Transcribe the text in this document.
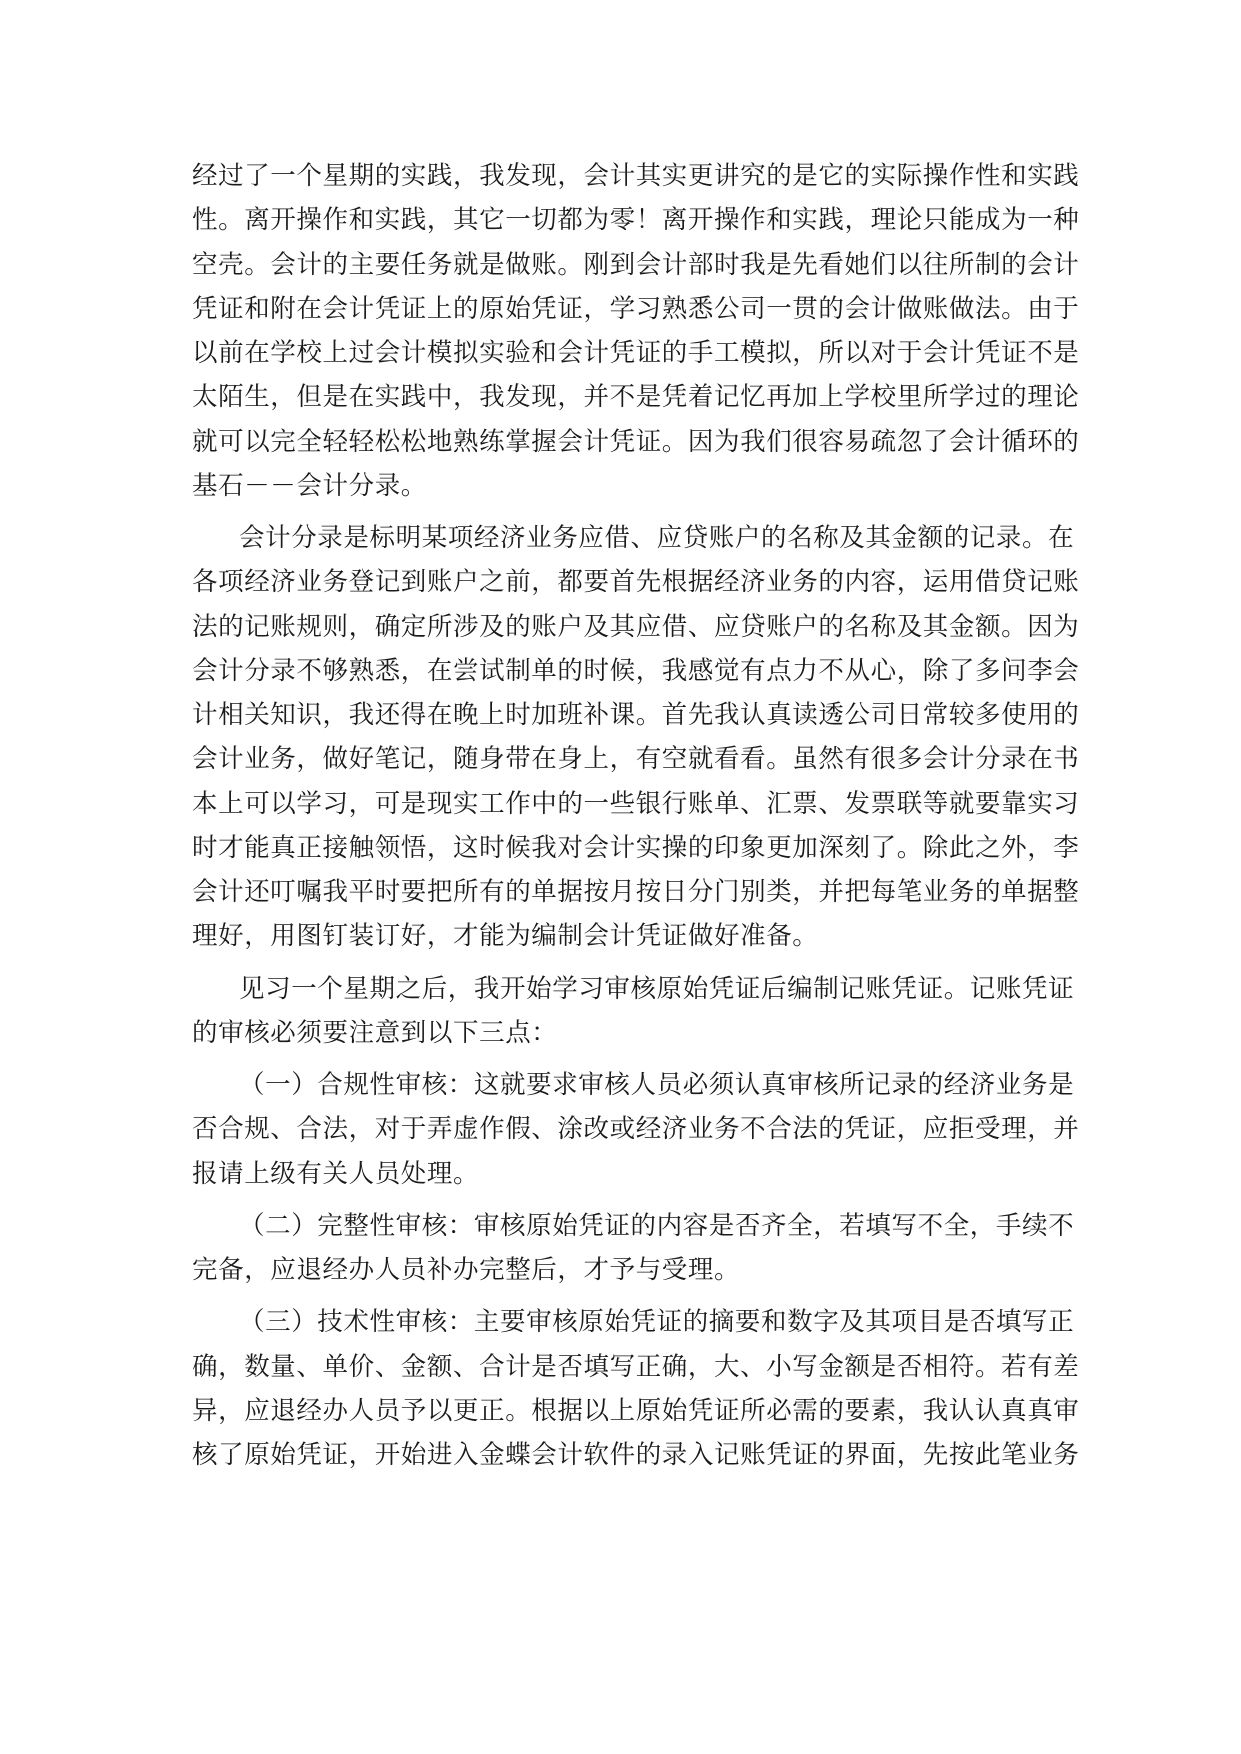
经过了一个星期的实践，我发现，会计其实更讲究的是它的实际操作性和实践
性。离开操作和实践，其它一切都为零！离开操作和实践，理论只能成为一种
空壳。会计的主要任务就是做账。刚到会计部时我是先看她们以往所制的会计
凭证和附在会计凭证上的原始凭证，学习熟悉公司一贯的会计做账做法。由于
以前在学校上过会计模拟实验和会计凭证的手工模拟，所以对于会计凭证不是
太陌生，但是在实践中，我发现，并不是凭着记忆再加上学校里所学过的理论
就可以完全轻轻松松地熟练掌握会计凭证。因为我们很容易疏忽了会计循环的
基石－－会计分录。
会计分录是标明某项经济业务应借、应贷账户的名称及其金额的记录。在
各项经济业务登记到账户之前，都要首先根据经济业务的内容，运用借贷记账
法的记账规则，确定所涉及的账户及其应借、应贷账户的名称及其金额。因为
会计分录不够熟悉，在尝试制单的时候，我感觉有点力不从心，除了多问李会
计相关知识，我还得在晚上时加班补课。首先我认真读透公司日常较多使用的
会计业务，做好笔记，随身带在身上，有空就看看。虽然有很多会计分录在书
本上可以学习，可是现实工作中的一些银行账单、汇票、发票联等就要靠实习
时才能真正接触领悟，这时候我对会计实操的印象更加深刻了。除此之外，李
会计还叮嘱我平时要把所有的单据按月按日分门别类，并把每笔业务的单据整
理好，用图钉装订好，才能为编制会计凭证做好准备。
见习一个星期之后，我开始学习审核原始凭证后编制记账凭证。记账凭证
的审核必须要注意到以下三点：
（一）合规性审核：这就要求审核人员必须认真审核所记录的经济业务是
否合规、合法，对于弄虚作假、涂改或经济业务不合法的凭证，应拒受理，并
报请上级有关人员处理。
（二）完整性审核：审核原始凭证的内容是否齐全，若填写不全，手续不
完备，应退经办人员补办完整后，才予与受理。
（三）技术性审核：主要审核原始凭证的摘要和数字及其项目是否填写正
确，数量、单价、金额、合计是否填写正确，大、小写金额是否相符。若有差
异，应退经办人员予以更正。根据以上原始凭证所必需的要素，我认认真真审
核了原始凭证，开始进入金蝶会计软件的录入记账凭证的界面，先按此笔业务
